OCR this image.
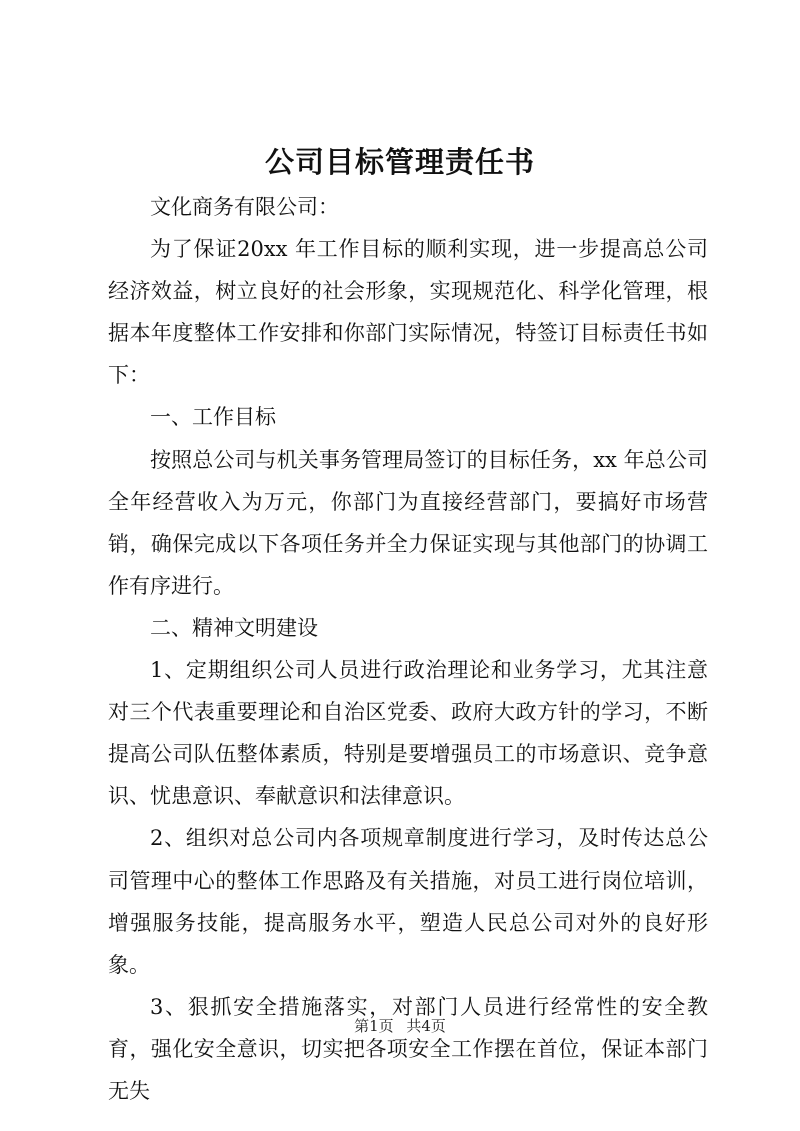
公司目标管理责任书

文化商务有限公司：

为了保证20xx 年工作目标的顺利实现，进一步提高总公司经济效益，树立良好的社会形象，实现规范化、科学化管理，根据本年度整体工作安排和你部门实际情况，特签订目标责任书如下：

一、工作目标

按照总公司与机关事务管理局签订的目标任务，xx 年总公司全年经营收入为万元，你部门为直接经营部门，要搞好市场营销，确保完成以下各项任务并全力保证实现与其他部门的协调工作有序进行。

二、精神文明建设

1、定期组织公司人员进行政治理论和业务学习，尤其注意对三个代表重要理论和自治区党委、政府大政方针的学习，不断提高公司队伍整体素质，特别是要增强员工的市场意识、竞争意识、忧患意识、奉献意识和法律意识。

2、组织对总公司内各项规章制度进行学习，及时传达总公司管理中心的整体工作思路及有关措施，对员工进行岗位培训，增强服务技能，提高服务水平，塑造人民总公司对外的良好形象。

3、狠抓安全措施落实，对部门人员进行经常性的安全教育，强化安全意识，切实把各项安全工作摆在首位，保证本部门无失

第1页 共4页
